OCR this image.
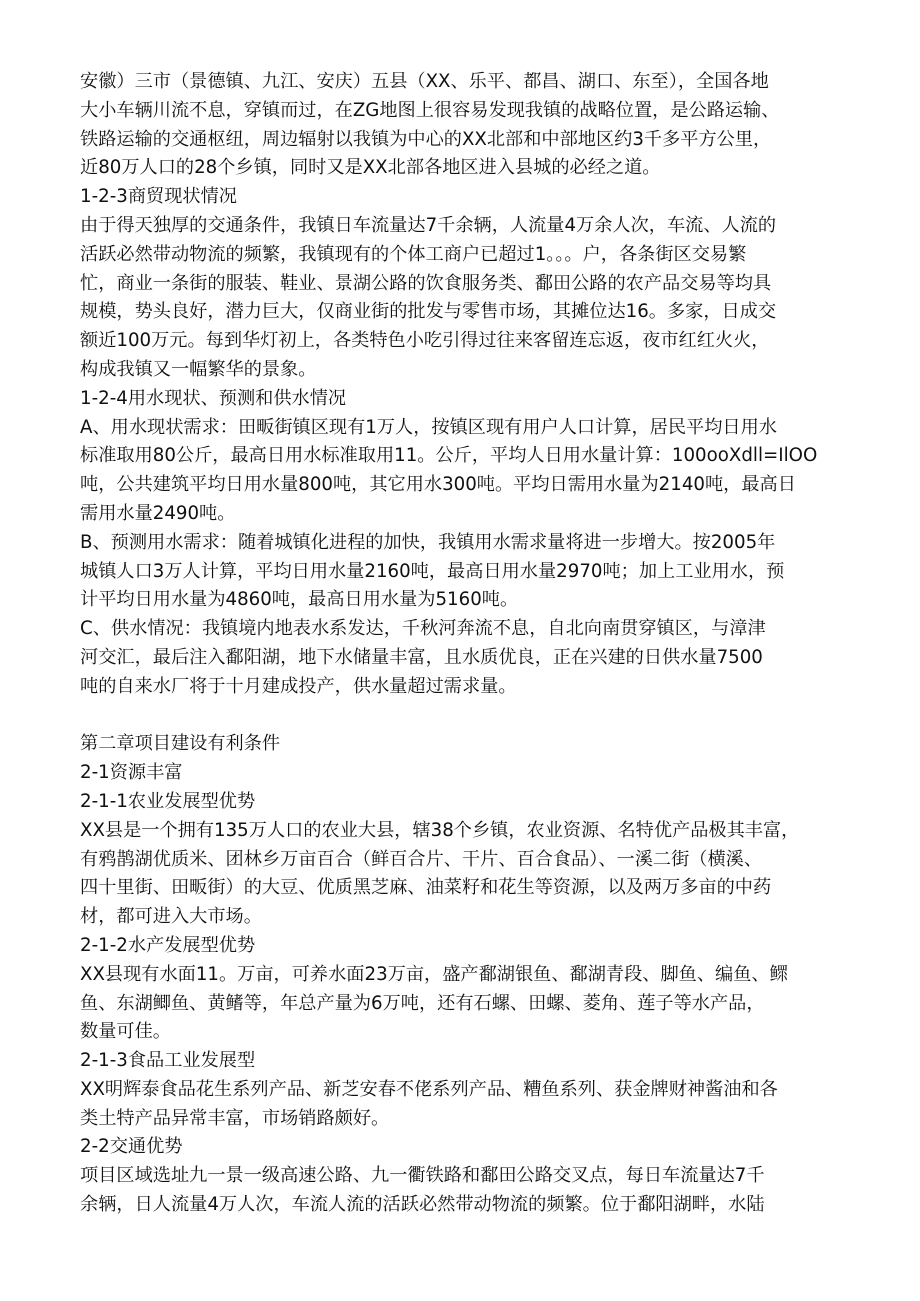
安徽）三市（景德镇、九江、安庆）五县（XX、乐平、都昌、湖口、东至），全国各地
大小车辆川流不息，穿镇而过，在ZG地图上很容易发现我镇的战略位置，是公路运输、
铁路运输的交通枢纽，周边辐射以我镇为中心的XX北部和中部地区约3千多平方公里，
近80万人口的28个乡镇，同时又是XX北部各地区进入县城的必经之道。
1-2-3商贸现状情况
由于得天独厚的交通条件，我镇日车流量达7千余辆，人流量4万余人次，车流、人流的
活跃必然带动物流的频繁，我镇现有的个体工商户已超过1。。。户，各条街区交易繁
忙，商业一条街的服装、鞋业、景湖公路的饮食服务类、鄱田公路的农产品交易等均具
规模，势头良好，潜力巨大，仅商业街的批发与零售市场，其摊位达16。多家，日成交
额近100万元。每到华灯初上，各类特色小吃引得过往来客留连忘返，夜市红红火火，
构成我镇又一幅繁华的景象。
1-2-4用水现状、预测和供水情况
A、用水现状需求：田畈街镇区现有1万人，按镇区现有用户人口计算，居民平均日用水
标准取用80公斤，最高日用水标准取用11。公斤，平均人日用水量计算：100ooXdll=IlOO
吨，公共建筑平均日用水量800吨，其它用水300吨。平均日需用水量为2140吨，最高日
需用水量2490吨。
B、预测用水需求：随着城镇化进程的加快，我镇用水需求量将进一步增大。按2005年
城镇人口3万人计算，平均日用水量2160吨，最高日用水量2970吨；加上工业用水，预
计平均日用水量为4860吨，最高日用水量为5160吨。
C、供水情况：我镇境内地表水系发达，千秋河奔流不息，自北向南贯穿镇区，与漳津
河交汇，最后注入鄱阳湖，地下水储量丰富，且水质优良，正在兴建的日供水量7500
吨的自来水厂将于十月建成投产，供水量超过需求量。
第二章项目建设有利条件
2-1资源丰富
2-1-1农业发展型优势
XX县是一个拥有135万人口的农业大县，辖38个乡镇，农业资源、名特优产品极其丰富，
有鸦鹊湖优质米、团林乡万亩百合（鲜百合片、干片、百合食品）、一溪二街（横溪、
四十里街、田畈街）的大豆、优质黑芝麻、油菜籽和花生等资源，以及两万多亩的中药
材，都可进入大市场。
2-1-2水产发展型优势
XX县现有水面11。万亩，可养水面23万亩，盛产鄱湖银鱼、鄱湖青段、脚鱼、编鱼、鳏
鱼、东湖鲫鱼、黄鳍等，年总产量为6万吨，还有石螺、田螺、菱角、莲子等水产品，
数量可佳。
2-1-3食品工业发展型
XX明辉泰食品花生系列产品、新芝安春不佬系列产品、糟鱼系列、获金牌财神酱油和各
类土特产品异常丰富，市场销路颇好。
2-2交通优势
项目区域选址九一景一级高速公路、九一衢铁路和鄱田公路交叉点，每日车流量达7千
余辆，日人流量4万人次，车流人流的活跃必然带动物流的频繁。位于鄱阳湖畔，水陆
